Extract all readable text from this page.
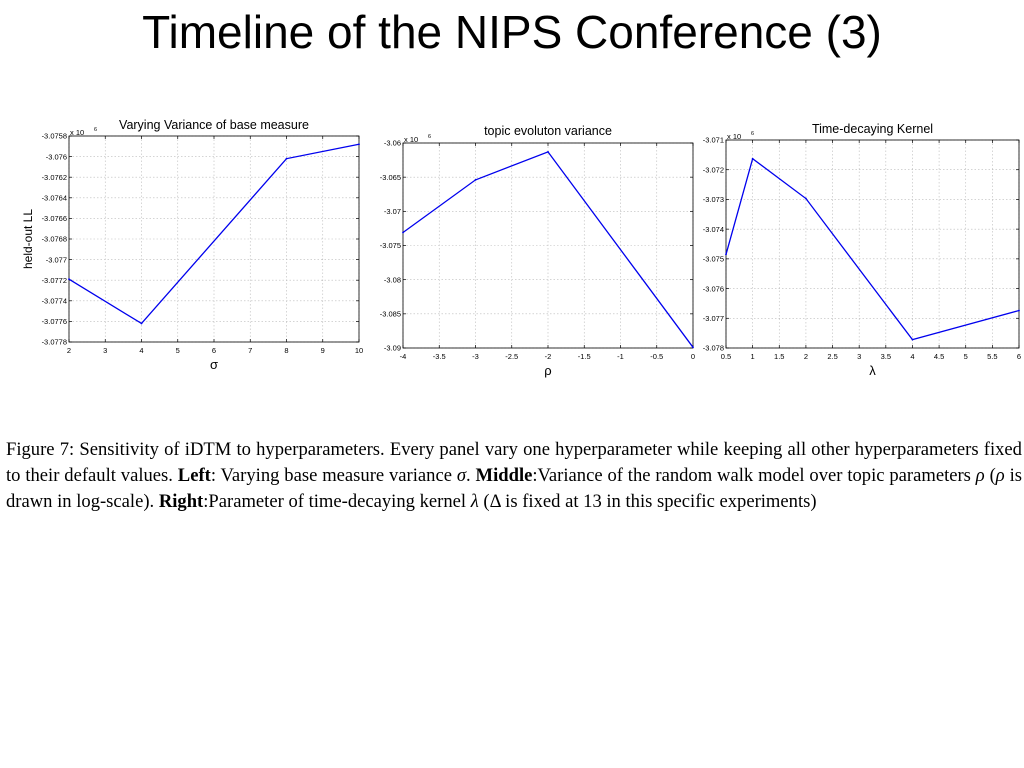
Timeline of the NIPS Conference (3)
2	3	4	5	6	7	8	9	10
-3.0758
-3.076
-3.0762
-3.0764
-3.0766
-3.0768
-3.077
-3.0772
-3.0774
-3.0776
-3.0778
x 10 6 Varying Variance of base measure
σ
held-out LL
-4	-3.5	-3	-2.5	-2	-1.5	-1	-0.5	0
-3.06
-3.065
-3.07
-3.075
-3.08
-3.085
-3.09
x 10 6	topic evoluton variance
ρ
0.5	1	1.5	2	2.5	3	3.5	4	4.5	5	5.5	6
-3.071
-3.072
-3.073
-3.074
-3.075
-3.076
-3.077
-3.078
x 10 6	Time-decaying Kernel
λ

Figure 7: Sensitivity of iDTM to hyperparameters. Every panel vary one hyperparameter while keeping all other hyperparameters fixed to their default values. Left: Varying base measure variance σ. Middle:Variance of the random walk model over topic parameters ρ (ρ is drawn in log-scale). Right:Parameter of time-decaying kernel λ (Δ is fixed at 13 in this specific experiments)
